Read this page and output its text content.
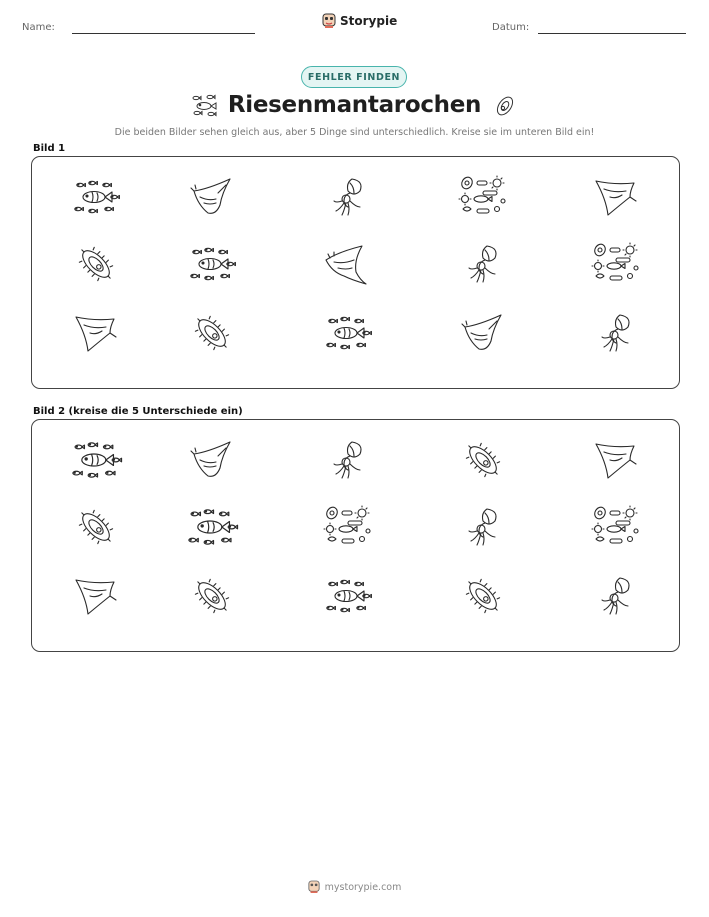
Name:	Storypie	Datum:
FEHLER FINDEN
Riesenmantarochen
Die beiden Bilder sehen gleich aus, aber 5 Dinge sind unterschiedlich. Kreise sie im unteren Bild ein!
Bild 1
Bild 2 (kreise die 5 Unterschiede ein)
mystorypie.com
